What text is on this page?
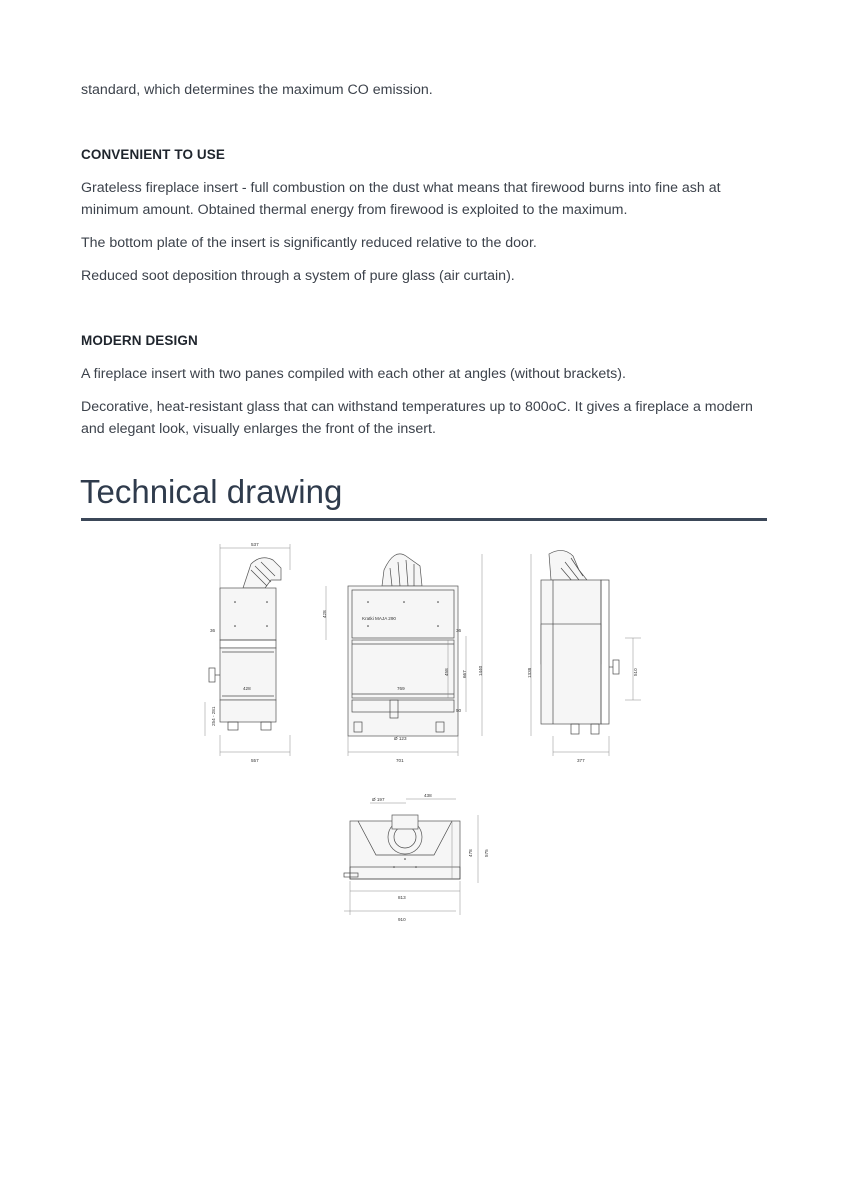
standard, which determines the maximum CO emission.

CONVENIENT TO USE

Grateless fireplace insert - full combustion on the dust what means that firewood burns into fine ash at minimum amount. Obtained thermal energy from firewood is exploited to the maximum.

The bottom plate of the insert is significantly reduced relative to the door.

Reduced soot deposition through a system of pure glass (air curtain).

MODERN DESIGN

A fireplace insert with two panes compiled with each other at angles (without brackets).

Decorative, heat-resistant glass that can withstand temperatures up to 800oC. It gives a fireplace a modern and elegant look, visually enlarges the front of the insert.

Technical drawing
537
36
428
254 - 281
557
Kratki MAJA 290
769
428
36
458	667 1440
50
Ø 123
701
1338	510
377
Ø 197
438
478 575
813
910
